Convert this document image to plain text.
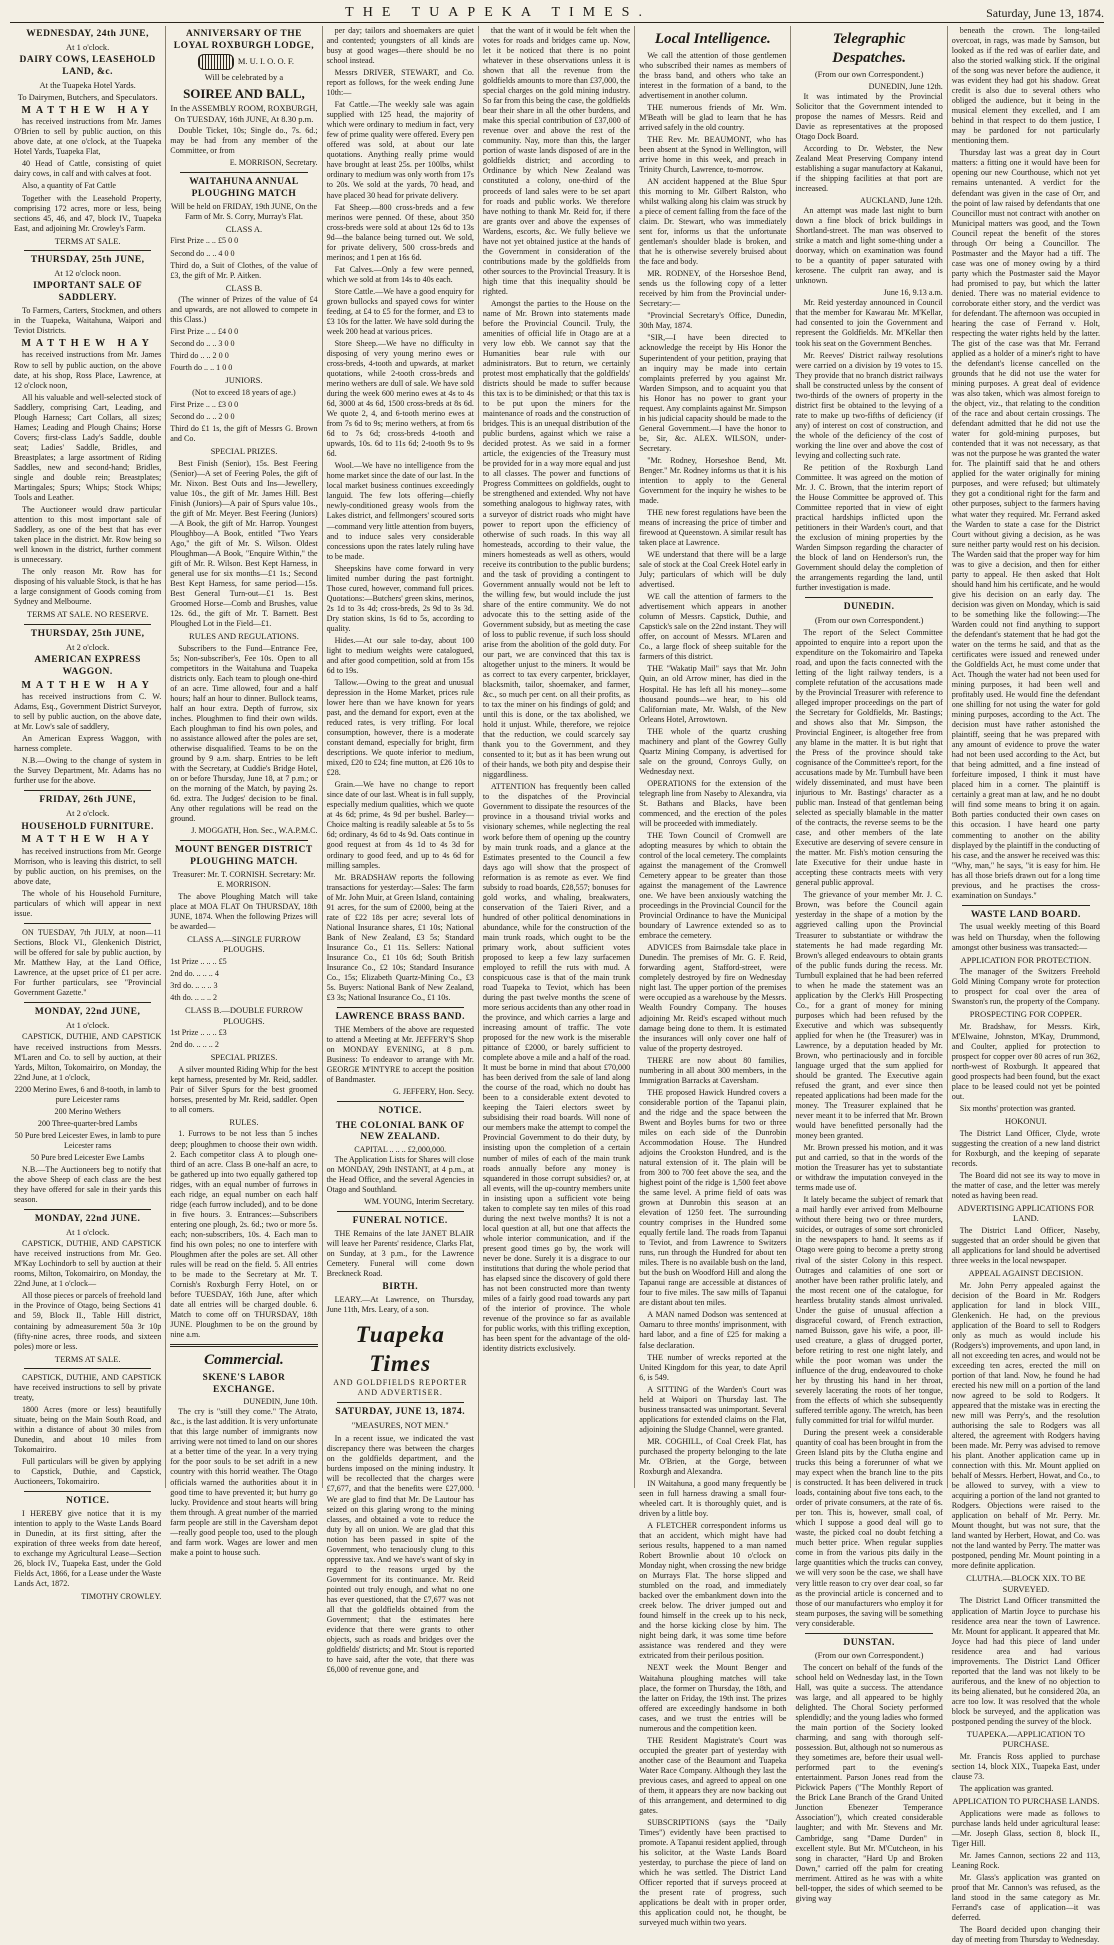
THE TUAPEKA TIMES.	Saturday, June 13, 1874.
WEDNESDAY, 24th JUNE,
At 1 o'clock.
DAIRY COWS, LEASEHOLD LAND, &c.
At the Tuapeka Hotel Yards.
To Dairymen, Butchers, and Speculators.
MATTHEW HAY

has received instructions from Mr. James O'Brien to sell by public auction, on this above date, at one o'clock, at the Tuapeka Hotel Yards, Tuapeka Flat,

40 Head of Cattle, consisting of quiet dairy cows, in calf and with calves at foot.

Also, a quantity of Fat Cattle

Together with the Leasehold Property, comprising 172 acres, more or less, being sections 45, 46, and 47, block IV., Tuapeka East, and adjoining Mr. Crowley's Farm.

TERMS AT SALE.
THURSDAY, 25th JUNE,
At 12 o'clock noon.
IMPORTANT SALE OF SADDLERY.

To Farmers, Carters, Stockmen, and others in the Tuapeka, Waitahuna, Waipori and Teviot Districts.

MATTHEW HAY

has received instructions from Mr. James Row to sell by public auction, on the above date, at his shop, Ross Place, Lawrence, at 12 o'clock noon,

All his valuable and well-selected stock of Saddlery, comprising Cart, Leading, and Plough Harness; Cart Collars, all sizes; Hames; Leading and Plough Chains; Horse Covers; first-class Lady's Saddle, double seat; Ladies' Saddle, Bridles, and Breastplates; a large assortment of Riding Saddles, new and second-hand; Bridles, single and double rein; Breastplates; Martingales; Spurs; Whips; Stock Whips; Tools and Leather.

The Auctioneer would draw particular attention to this most important sale of Saddlery, as one of the best that has ever taken place in the district. Mr. Row being so well known in the district, further comment is unnecessary.

The only reason Mr. Row has for disposing of his valuable Stock, is that he has a large consignment of Goods coming from Sydney and Melbourne.

TERMS AT SALE. NO RESERVE.
THURSDAY, 25th JUNE,
At 2 o'clock.
AMERICAN EXPRESS WAGGON.
MATTHEW HAY

has received instructions from C. W. Adams, Esq., Government District Surveyor, to sell by public auction, on the above date, at Mr. Low's sale of saddlery,

An American Express Waggon, with harness complete.

N.B.—Owing to the change of system in the Survey Department, Mr. Adams has no further use for the above.

FRIDAY, 26th JUNE,
At 2 o'clock.
HOUSEHOLD FURNITURE.
MATTHEW HAY

has received instructions from Mr. George Morrison, who is leaving this district, to sell by public auction, on his premises, on the above date,

The whole of his Household Furniture, particulars of which will appear in next issue.

ON TUESDAY, 7th JULY, at noon—11 Sections, Block VI., Glenkenich District, will be offered for sale by public auction, by Mr. Matthew Hay, at the Land Office, Lawrence, at the upset price of £1 per acre. For further particulars, see "Provincial Government Gazette."

MONDAY, 22nd JUNE,
At 1 o'clock.

CAPSTICK, DUTHIE, AND CAPSTICK have received instructions from Messrs. M'Laren and Co. to sell by auction, at their Yards, Milton, Tokomairiro, on Monday, the 22nd June, at 1 o'clock,

2200 Merino Ewes, 6 and 8-tooth, in lamb to pure Leicester rams

200 Merino Wethers

200 Three-quarter-bred Lambs

50 Pure bred Leicester Ewes, in lamb to pure Leicester rams

50 Pure bred Leicester Ewe Lambs

N.B.—The Auctioneers beg to notify that the above Sheep of each class are the best they have offered for sale in their yards this season.

MONDAY, 22nd JUNE.
At 1 o'clock.

CAPSTICK, DUTHIE, AND CAPSTICK have received instructions from Mr. Geo. M'Kay Lochindorb to sell by auction at their rooms, Milton, Tokomairiro, on Monday, the 22nd June, at 1 o'clock—

All those pieces or parcels of freehold land in the Province of Otago, being Sections 41 and 59, Block II., Table Hill district, containing by admeasurement 50a 3r 10p (fifty-nine acres, three roods, and sixteen poles) more or less.

TERMS AT SALE.

CAPSTICK, DUTHIE, AND CAPSTICK have received instructions to sell by private treaty,

1800 Acres (more or less) beautifully situate, being on the Main South Road, and within a distance of about 30 miles from Dunedin, and about 10 miles from Tokomairiro.

Full particulars will be given by applying to Capstick, Duthie, and Capstick, Auctioneers, Tokomairiro.

NOTICE.

I HEREBY give notice that it is my intention to apply to the Waste Lands Board in Dunedin, at its first sitting, after the expiration of three weeks from date hereof, to exchange my Agricultural Lease—Section 26, block IV., Tuapeka East, under the Gold Fields Act, 1866, for a Lease under the Waste Lands Act, 1872.

TIMOTHY CROWLEY.
ANNIVERSARY OF THE LOYAL ROXBURGH LODGE,
M. U. I. O. O. F.
Will be celebrated by a
SOIREE AND BALL,
In the ASSEMBLY ROOM, ROXBURGH, On TUESDAY, 16th JUNE, At 8.30 p.m.

Double Ticket, 10s; Single do., 7s. 6d.; may be had from any member of the Committee, or from

E. MORRISON, Secretary.
WAITAHUNA ANNUAL PLOUGHING MATCH

Will be held on FRIDAY, 19th JUNE, On the Farm of Mr. S. Corry, Murray's Flat.

CLASS A.

First Prize .. .. £5 0 0

Second do .. .. 4 0 0

Third do, a Suit of Clothes, of the value of £3, the gift of Mr. P. Aitken.

CLASS B.

(The winner of Prizes of the value of £4 and upwards, are not allowed to compete in this Class.)

First Prize .. .. £4 0 0

Second do .. .. 3 0 0

Third do .. .. 2 0 0

Fourth do .. .. 1 0 0

JUNIORS.

(Not to exceed 18 years of age.)

First Prize .. .. £3 0 0

Second do .. .. 2 0 0

Third do £1 1s, the gift of Messrs G. Brown and Co.

SPECIAL PRIZES.

Best Finish (Senior), 15s. Best Feering (Senior)—A set of Feering Poles, the gift of Mr. Nixon. Best Outs and Ins—Jewellery, value 10s., the gift of Mr. James Hill. Best Finish (Juniors)—A pair of Spurs value 10s., the gift of Mr. Meyer. Best Feering (Juniors)—A Book, the gift of Mr. Harrop. Youngest Ploughboy—A Book, entitled "Two Years Ago," the gift of Mr. S. Wilson. Oldest Ploughman—A Book, "Enquire Within," the gift of Mr. R. Wilson. Best Kept Harness, in general use for six months—£1 1s.; Second Best Kept Harness, for same period—15s. Best General Turn-out—£1 1s. Best Groomed Horse—Comb and Brushes, value 12s. 6d., the gift of Mr. T. Barnett. Best Ploughed Lot in the Field—£1.

RULES AND REGULATIONS.

Subscribers to the Fund—Entrance Fee, 5s; Non-subscriber's, Fee 10s. Open to all competitors in the Waitahuna and Tuapeka districts only. Each team to plough one-third of an acre. Time allowed, four and a half hours; half an hour to dinner. Bullock teams, half an hour extra. Depth of furrow, six inches. Ploughmen to find their own wilds. Each ploughman to find his own poles, and no assistance allowed after the poles are set, otherwise disqualified. Teams to be on the ground by 9 a.m. sharp. Entries to be left with the Secretary, at Cuddie's Bridge Hotel, on or before Thursday, June 18, at 7 p.m.; or on the morning of the Match, by paying 2s. 6d. extra. The Judges' decision to be final. Any other regulations will be read on the ground.

J. MOGGATH, Hon. Sec., W.A.P.M.C.
MOUNT BENGER DISTRICT PLOUGHING MATCH.

Treasurer: Mr. T. CORNISH. Secretary: Mr. E. MORRISON.

The above Ploughing Match will take place at MOA FLAT On THURSDAY, 18th JUNE, 1874. When the following Prizes will be awarded—

CLASS A.—SINGLE FURROW PLOUGHS.

1st Prize .. .. .. £5

2nd do. .. .. .. 4

3rd do. .. .. .. 3

4th do. .. .. .. 2

CLASS B.—DOUBLE FURROW PLOUGHS.

1st Prize .. .. .. £3

2nd do. .. .. .. 2

SPECIAL PRIZES.

A silver mounted Riding Whip for the best kept harness, presented by Mr. Reid, saddler. Pair of Silver Spurs for the best groomed horses, presented by Mr. Reid, saddler. Open to all comers.

RULES.

1. Furrows to be not less than 5 inches deep; ploughmen to choose their own width. 2. Each competitor class A to plough one-third of an acre. Class B one-half an acre, to be gathered up into two equally gathered top ridges, with an equal number of furrows in each ridge, an equal number on each half ridge (each furrow included), and to be done in five hours. 3. Entrances:—Subscribers entering one plough, 2s. 6d.; two or more 5s. each; non-subscribers, 10s. 4. Each man to find his own poles; no one to interfere with Ploughmen after the poles are set. All other rules will be read on the field. 5. All entries to be made to the Secretary at Mr. T. Cornish's Roxburgh Ferry Hotel, on or before TUESDAY, 16th June, after which date all entries will be charged double. 6. Match to come off on THURSDAY, 18th JUNE. Ploughmen to be on the ground by nine a.m.

Commercial.
SKENE'S LABOR EXCHANGE.
DUNEDIN, June 10th.

The cry is "still they come." The Atrato, &c., is the last addition. It is very unfortunate that this large number of immigrants now arriving were not timed to land on our shores at a better time of the year. In a very trying for the poor souls to be set adrift in a new country with this horrid weather. The Otago officials warned the authorities about it in good time to have prevented it; but hurry go lucky. Providence and stout hearts will bring them through. A great number of the married farm people are still in the Caversham depot—really good people too, used to the plough and farm work. Wages are lower and men make a point to house such.

per day; tailors and shoemakers are quiet and contented; youngsters of all kinds are busy at good wages—there should be no school instead.

Messrs DRIVER, STEWART, and Co. report as follows, for the week ending June 10th:—

Fat Cattle.—The weekly sale was again supplied with 125 head, the majority of which were ordinary to medium in fact, very few of prime quality were offered. Every pen offered was sold, at about our late quotations. Anything really prime would have brought at least 25s. per 100lbs, whilst ordinary to medium was only worth from 17s to 20s. We sold at the yards, 70 head, and have placed 30 head for private delivery.

Fat Sheep.—800 cross-breds and a few merinos were penned. Of these, about 350 cross-breds were sold at about 12s 6d to 13s 9d—the balance being turned out. We sold, for private delivery, 500 cross-breds and merinos; and 1 pen at 16s 6d.

Fat Calves.—Only a few were penned, which we sold at from 14s to 40s each.

Store Cattle.—We have a good enquiry for grown bullocks and spayed cows for winter feeding, at £4 to £5 for the former, and £3 to £3 10s for the latter. We have sold during the week 200 head at various prices.

Store Sheep.—We have no difficulty in disposing of very young merino ewes or cross-breds, 4-tooth and upwards, at market quotations, while 2-tooth cross-breds and merino wethers are dull of sale. We have sold during the week 600 merino ewes at 4s to 4s 6d, 3000 at 4s 6d, 1500 cross-breds at 8s 6d. We quote 2, 4, and 6-tooth merino ewes at from 7s 6d to 9s; merino wethers, at from 6s 6d to 7s 6d; cross-breds 4-tooth and upwards, 10s. 6d to 11s 6d; 2-tooth 9s to 9s 6d.

Wool.—We have no intelligence from the home market since the date of our last. In the local market business continues exceedingly languid. The few lots offering—chiefly newly-conditioned greasy wools from the Lakes district, and fellmongers' scoured sorts—command very little attention from buyers, and to induce sales very considerable concessions upon the rates lately ruling have to be made.

Sheepskins have come forward in very limited number during the past fortnight. Those cured, however, command full prices. Quotations:—Butchers' green skins, merinos, 2s 1d to 3s 4d; cross-breds, 2s 9d to 3s 3d. Dry station skins, 1s 6d to 5s, according to quality.

Hides.—At our sale to-day, about 100 light to medium weights were catalogued, and after good competition, sold at from 15s 6d to 19s.

Tallow.—Owing to the great and unusual depression in the Home Market, prices rule lower here than we have known for years past, and the demand for export, even at the reduced rates, is very trifling. For local consumption, however, there is a moderate constant demand, especially for bright, firm descriptions. We quote inferior to medium, mixed, £20 to £24; fine mutton, at £26 10s to £28.

Grain.—We have no change to report since date of our last. Wheat is in full supply, especially medium qualities, which we quote at 4s 6d; prime, 4s 9d per bushel. Barley—Choice malting is readily saleable at 5s to 5s 6d; ordinary, 4s 6d to 4s 9d. Oats continue in good request at from 4s 1d to 4s 3d for ordinary to good feed, and up to 4s 6d for milling samples.

Mr. BRADSHAW reports the following transactions for yesterday:—Sales: The farm of Mr. John Muir, at Green Island, containing 91 acres, for the sum of £2000, being at the rate of £22 18s per acre; several lots of National Insurance shares, £1 10s; National Bank of New Zealand, £3 5s; Standard Insurance Co., £1 11s. Sellers: National Insurance Co., £1 10s 6d; South British Insurance Co., £2 10s; Standard Insurance Co., 15s; Elizabeth Quartz-Mining Co., £3 5s. Buyers: National Bank of New Zealand, £3 3s; National Insurance Co., £1 10s.

LAWRENCE BRASS BAND.

THE Members of the above are requested to attend a Meeting at Mr. JEFFERY'S Shop on MONDAY EVENING, at 8 p.m. Business: To endeavor to arrange with Mr. GEORGE M'INTYRE to accept the position of Bandmaster.

G. JEFFERY, Hon. Secy.
NOTICE.
THE COLONIAL BANK OF NEW ZEALAND.
CAPITAL .. .. .. £2,000,000.

The Application Lists for Shares will close on MONDAY, 29th INSTANT, at 4 p.m., at the Head Office, and the several Agencies in Otago and Southland.

WM. YOUNG, Interim Secretary.
FUNERAL NOTICE.

THE Remains of the late JANET BLAIR will leave her Parents' residence, Clarks Flat, on Sunday, at 3 p.m., for the Lawrence Cemetery. Funeral will come down Breckneck Road.

BIRTH.

LEARY.—At Lawrence, on Thursday, June 11th, Mrs. Leary, of a son.

Tuapeka Times
AND GOLDFIELDS REPORTER AND ADVERTISER.
SATURDAY, JUNE 13, 1874.
"MEASURES, NOT MEN."

In a recent issue, we indicated the vast discrepancy there was between the charges on the goldfields department, and the burdens imposed on the mining industry. It will be recollected that the charges were £7,677, and that the benefits were £27,000. We are glad to find that Mr. De Lautour has seized on this glaring wrong to the mining classes, and obtained a vote to reduce the duty by all on union. We are glad that this notion has been passed in spite of the Government, who tenaciously clung to this oppressive tax. And we have's want of sky in regard to the reasons urged by the Government for its continuance. Mr. Reid pointed out truly enough, and what no one has ever questioned, that the £7,677 was not all that the goldfields obtained from the Government; that the estimates here evidence that there were grants to other objects, such as roads and bridges over the goldfields' districts; and Mr. Stout is reported to have said, after the vote, that there was £6,000 of revenue gone, and

that the want of it would be felt when the votes for roads and bridges came up. Now, let it be noticed that there is no point whatever in these observations unless it is shown that all the revenue from the goldfields amounts to more than £37,000, the special charges on the gold mining industry. So far from this being the case, the goldfields bear their share in all the other burdens, and make this special contribution of £37,000 of revenue over and above the rest of the community. Nay, more than this, the larger portion of waste lands disposed of are in the goldfields district; and according to Ordinance by which New Zealand was constituted a colony, one-third of the proceeds of land sales were to be set apart for roads and public works. We therefore have nothing to thank Mr. Reid for, if there are grants over and above the expenses of Wardens, escorts, &c. We fully believe we have not yet obtained justice at the hands of the Government in consideration of the contributions made by the goldfields from other sources to the Provincial Treasury. It is high time that this inequality should be righted.

Amongst the parties to the House on the name of Mr. Brown into statements made before the Provincial Council. Truly, the amenities of official life in Otago are at a very low ebb. We cannot say that the Humanities bear rule with our administrators. But to return, we certainly protest most emphatically that the goldfields' districts should be made to suffer because this tax is to be diminished; or that this tax is to be put upon the miners for the maintenance of roads and the construction of bridges. This is an unequal distribution of the public burdens, against which we raise a decided protest. As we said in a former article, the exigencies of the Treasury must be provided for in a way more equal and just to all classes. The power and functions of Progress Committees on goldfields, ought to be strengthened and extended. Why not have something analogous to highway rates, with a surveyor of district roads who might have power to report upon the efficiency of otherwise of such roads. In this way all homesteads, according to their value, the miners homesteads as well as others, would receive its contribution to the public burdens; and the task of providing a contingent to Government annually would not be left to the willing few, but would include the just share of the entire community. We do not advocate this to the setting aside of the Government subsidy, but as meeting the case of loss to public revenue, if such loss should arise from the abolition of the gold duty. For our part, we are convinced that this tax is altogether unjust to the miners. It would be as correct to tax every carpenter, bricklayer, blacksmith, tailor, shoemaker, and farmer, &c., so much per cent. on all their profits, as to tax the miner on his findings of gold; and until this is done, or the tax abolished, we hold it unjust. While, therefore, we rejoice that the reduction, we could scarcely say thank you to the Government, and they consented to it; but as it has been wrung out of their hands, we both pity and despise their niggardliness.

ATTENTION has frequently been called to the dispatches of the Provincial Government to dissipate the resources of the province in a thousand trivial works and visionary schemes, while neglecting the real work before them of opening up the country by main trunk roads, and a glance at the Estimates presented to the Council a few days ago will show that the prospect of reformation is as remote as ever. We find subsidy to road boards, £28,557; bonuses for gold works, and whaling, breakwaters, conservation of the Taieri River, and a hundred of other political denominations in abundance, while for the construction of the main trunk roads, which ought to be the primary work, about sufficient votes proposed to keep a few lazy surfacemen employed to refill the ruts with mud. A conspicuous case is that of the main trunk road Tuapeka to Teviot, which has been during the past twelve months the scene of more serious accidents than any other road in the province, and which carries a large and increasing amount of traffic. The vote proposed for the new work is the miserable pittance of £2000, or barely sufficient to complete above a mile and a half of the road. It must be borne in mind that about £70,000 has been derived from the sale of land along the course of the road, which no doubt has been to a considerable extent devoted to keeping the Taieri electors sweet by subsidising their road boards. Will none of our members make the attempt to compel the Provincial Government to do their duty, by insisting upon the completion of a certain number of miles of each of the main trunk roads annually before any money is squandered in those corrupt subsidies? or, at all events, will the up-country members unite in insisting upon a sufficient vote being taken to complete say ten miles of this road during the next twelve months? It is not a local question at all, but one that affects the whole interior communication, and if the present good times go by, the work will never be done. Surely it is a disgrace to our institutions that during the whole period that has elapsed since the discovery of gold there has not been constructed more than twenty miles of a fairly good road towards any part of the interior of province. The whole revenue of the province so far as available for public works, with this trifling exception, has been spent for the advantage of the old-identity districts exclusively.

Local Intelligence.

We call the attention of those gentlemen who subscribed their names as members of the brass band, and others who take an interest in the formation of a band, to the advertisement in another column.

THE numerous friends of Mr. Wm. M'Beath will be glad to learn that he has arrived safely in the old country.

THE Rev. Mr. BEAUMONT, who has been absent at the Synod in Wellington, will arrive home in this week, and preach in Trinity Church, Lawrence, to-morrow.

AN accident happened at the Blue Spur this morning to Mr. Gilbert Ralston, who whilst walking along his claim was struck by a piece of cement falling from the face of the claim. Dr. Stewart, who was immediately sent for, informs us that the unfortunate gentleman's shoulder blade is broken, and that he is otherwise severely bruised about the face and body.

MR. RODNEY, of the Horseshoe Bend, sends us the following copy of a letter received by him from the Provincial under-Secretary:—

"Provincial Secretary's Office, Dunedin, 30th May, 1874.

"SIR,—I have been directed to acknowledge the receipt by His Honor the Superintendent of your petition, praying that an inquiry may be made into certain complaints preferred by you against Mr. Warden Simpson, and to acquaint you that his Honor has no power to grant your request. Any complaints against Mr. Simpson in his judicial capacity should be made to the General Government.—I have the honor to be, Sir, &c. ALEX. WILSON, under-Secretary.

"Mr. Rodney, Horseshoe Bend, Mt. Benger." Mr. Rodney informs us that it is his intention to apply to the General Government for the inquiry he wishes to be made.

THE new forest regulations have been the means of increasing the price of timber and firewood at Queenstown. A similar result has taken place at Lawrence.

WE understand that there will be a large sale of stock at the Coal Creek Hotel early in July; particulars of which will be duly advertised.

WE call the attention of farmers to the advertisement which appears in another column of Messrs. Capstick, Duthie, and Capstick's sale on the 22nd instant. They will offer, on account of Messrs. M'Laren and Co., a large flock of sheep suitable for the farmers of this district.

THE "Wakatip Mail" says that Mr. John Quin, an old Arrow miner, has died in the Hospital. He has left all his money—some thousand pounds—we hear, to his old Californian mate, Mr. Walsh, of the New Orleans Hotel, Arrowtown.

THE whole of the quartz crushing machinery and plant of the Gowrey Gully Quartz Mining Company, is advertised for sale on the ground, Conroys Gully, on Wednesday next.

OPERATIONS for the extension of the telegraph line from Naseby to Alexandra, via St. Bathans and Blacks, have been commenced, and the erection of the poles will be proceeded with immediately.

THE Town Council of Cromwell are adopting measures by which to obtain the control of the local cemetery. The complaints against the management of the Cromwell Cemetery appear to be greater than those against the management of the Lawrence one. We have been anxiously watching the proceedings in the Provincial Council for the Provincial Ordinance to have the Municipal boundary of Lawrence extended so as to embrace the cemetery.

ADVICES from Bairnsdale take place in Dunedin. The premises of Mr. G. F. Reid, forwarding agent, Stafford-street, were completely destroyed by fire on Wednesday night last. The upper portion of the premises were occupied as a warehouse by the Messrs. Wealth Foundry Company. The houses adjoining Mr. Reid's escaped without much damage being done to them. It is estimated the insurances will only cover one half of value of the property destroyed.

THERE are now about 80 families, numbering in all about 300 members, in the Immigration Barracks at Caversham.

THE proposed Hawick Hundred covers a considerable portion of the Tapanui plain, and the ridge and the space between the Bwent and Boyles burns for two or three miles on each side of the Dunrobin Accommodation House. The Hundred adjoins the Crookston Hundred, and is the natural extension of it. The plain will be from 300 to 700 feet above the sea, and the highest point of the ridge is 1,500 feet above the same level. A prime field of oats was grown at Dunrobin this season at an elevation of 1250 feet. The surrounding country comprises in the Hundred some equally fertile land. The roads from Tapanui to Teviot, and from Lawrence to Switzers runs, run through the Hundred for about ten miles. There is no available bush on the land, but the bush on Woodford Hill and along the Tapanui range are accessible at distances of four to five miles. The saw mills of Tapanui are distant about ten miles.

A MAN named Dodson was sentenced at Oamaru to three months' imprisonment, with hard labor, and a fine of £25 for making a false declaration.

THE number of wrecks reported at the United Kingdom for this year, to date April 6, is 549.

A SITTING of the Warden's Court was held at Waipori on Thursday last. The business transacted was unimportant. Several applications for extended claims on the Flat, adjoining the Sludge Channel, were granted.

MR. COGHILL, of Coal Creek Flat, has purchased the property belonging to the late Mr. O'Brien, at the Gorge, between Roxburgh and Alexandra.

IN Waitahuna, a good many frequently be seen in full harness drawing a small four-wheeled cart. It is thoroughly quiet, and is driven by a little boy.

A FLETCHER correspondent informs us that an accident, which might have had serious results, happened to a man named Robert Brownlie about 10 o'clock on Monday night, when crossing the new bridge on Murrays Flat. The horse slipped and stumbled on the road, and immediately backed over the embankment down into the creek below. The driver jumped out and found himself in the creek up to his neck, and the horse kicking close by him. The night being dark, it was some time before assistance was rendered and they were extricated from their perilous position.

NEXT week the Mount Benger and Waitahuna ploughing matches will take place, the former on Thursday, the 18th, and the latter on Friday, the 19th inst. The prizes offered are exceedingly handsome in both cases, and we trust the entries will be numerous and the competition keen.

THE Resident Magistrate's Court was occupied the greater part of yesterday with another case of the Beaumont and Tuapeka Water Race Company. Although they last the previous cases, and agreed to appeal on one of them, it appears they are now backing out of this arrangement, and determined to dig gates.

SUBSCRIPTIONS (says the "Daily Times") evidently have been practised to promote. A Tapanui resident applied, through his solicitor, at the Waste Lands Board yesterday, to purchase the piece of land on which he was settled. The District Land Officer reported that if surveys proceed at the present rate of progress, such applications be dealt with in proper order, this application could not, he thought, be surveyed much within two years.

Telegraphic Despatches.
(From our own Correspondent.)
DUNEDIN, June 12th.

It was intimated by the Provincial Solicitor that the Government intended to propose the names of Messrs. Reid and Davie as representatives at the proposed Otago Dock Board.

According to Dr. Webster, the New Zealand Meat Preserving Company intend establishing a sugar manufactory at Kakanui, if the shipping facilities at that port are increased.

AUCKLAND, June 12th.

An attempt was made last night to burn down a fine block of brick buildings in Shortland-street. The man was observed to strike a match and light some-thing under a doorway, which on examination was found to be a quantity of paper saturated with kerosene. The culprit ran away, and is unknown.

June 16, 9.13 a.m.

Mr. Reid yesterday announced in Council that the member for Kawarau Mr. M'Kellar, had consented to join the Government and represent the Goldfields. Mr. M'Kellar then took his seat on the Government Benches.

Mr. Reeves' District railway resolutions were carried on a division by 19 votes to 15. They provide that no branch district railways shall be constructed unless by the consent of two-thirds of the owners of property in the district first be obtained to the levying of a rate to make up two-fifths of deficiency (if any) of interest on cost of construction, and the whole of the deficiency of the cost of working the line over and above the cost of levying and collecting such rate.

Re petition of the Roxburgh Land Committee. It was agreed on the motion of Mr. J. C. Brown, that the interim report of the House Committee be approved of. This Committee reported that in view of eight practical hardships inflicted upon the petitioners in their Warden's court, and that the exclusion of mining properties by the Warden Simpson regarding the character of the block of land on Henderson's run, the Government should delay the completion of the arrangements regarding the land, until further investigation is made.

DUNEDIN.
(From our own Correspondent.)

The report of the Select Committee appointed to enquire into a report upon the expenditure on the Tokomairiro and Tapeka road, and upon the facts connected with the letting of the light railway tenders, is a complete refutation of the accusations made by the Provincial Treasurer with reference to alleged improper proceedings on the part of the Secretary for Goldfields, Mr. Bastings; and shows also that Mr. Simpson, the Provincial Engineer, is altogether free from any blame in the matter. It is but right that the Press of the province should take cognisance of the Committee's report, for the accusations made by Mr. Turnbull have been widely disseminated, and must have been injurious to Mr. Bastings' character as a public man. Instead of that gentleman being selected as specially blamable in the matter of the contracts, the reverse seems to be the case, and other members of the late Executive are deserving of severe censure in the matter. Mr. Fish's motion censuring the late Executive for their undue haste in accepting these contracts meets with very general public approval.

The grievance of your member Mr. J. C. Brown, was before the Council again yesterday in the shape of a motion by the aggrieved calling upon the Provincial Treasurer to substantiate or withdraw the statements he had made regarding Mr. Brown's alleged endeavours to obtain grants of the public funds during the recess. Mr. Turnbull explained that he had been referred to when he made the statement was an application by the Clerk's Hill Prospecting Co., for a grant of money for mining purposes which had been refused by the Executive and which was subsequently applied for when he (the Treasurer) was in Lawrence, by a deputation headed by Mr. Brown, who pertinaciously and in forcible language urged that the sum applied for should be granted. The Executive again refused the grant, and ever since then repeated applications had been made for the money. The Treasurer explained that he never meant it to be inferred that Mr. Brown would have benefitted personally had the money been granted.

Mr. Brown pressed his motion, and it was put and carried, so that in the words of the motion the Treasurer has yet to substantiate or withdraw the imputation conveyed in the terms made use of.

It lately became the subject of remark that a mail hardly ever arrived from Melbourne without there being two or three murders, suicides, or outrages of some sort chronicled in the newspapers to hand. It seems as if Otago were going to become a pretty strong rival of the sister Colony in this respect. Outrages and calamities of one sort or another have been rather prolific lately, and the most recent one of the catalogue, for heartless brutality stands almost unrivaled. Under the guise of unusual affection a disgraceful coward, of French extraction, named Buisson, gave his wife, a poor, ill-used creature, a glass of drugged porter, before retiring to rest one night lately, and while the poor woman was under the influence of the drug, endeavoured to choke her by thrusting his hand in her throat, severely lacerating the roots of her tongue, from the effects of which she subsequently suffered terrible agony. The wretch, has been fully committed for trial for wilful murder.

During the present week a considerable quantity of coal has been brought in from the Green Island pits by the Clutha engine and trucks this being a forerunner of what we may expect when the branch line to the pits is constructed. It has been delivered in truck loads, containing about five tons each, to the order of private consumers, at the rate of 6s. per ton. This is, however, small coal, of which I suppose a good deal will go to waste, the picked coal no doubt fetching a much better price. When regular supplies come in from the various pits daily in the large quantities which the trucks can convey, we will very soon be the case, we shall have very little reason to cry over dear coal, so far as the provincial article is concerned and to those of our manufacturers who employ it for steam purposes, the saving will be something very considerable.

DUNSTAN.
(From our own Correspondent.)

The concert on behalf of the funds of the school held on Wednesday last, in the Town Hall, was quite a success. The attendance was large, and all appeared to be highly delighted. The Choral Society performed splendidly; and the young ladies who formed the main portion of the Society looked charming, and sang with thorough self-possession. But, although not so numerous as they sometimes are, before their usual well-performed part to the evening's entertainment. Parson Jones read from the Pickwick Papers ("The Monthly Report of the Brick Lane Branch of the Grand United Junction Ebenezer Temperance Association"), which created considerable laughter; and with Mr. Stevens and Mr. Cambridge, sang "Dame Durden" in excellent style. But Mr. M'Cutcheon, in his song in character, "Hard Up and Broken Down," carried off the palm for creating merriment. Attired as he was with a white bell-topper, the sides of which seemed to be giving way

beneath the crown. The long-tailed overcoat, in rags, was made by Samson, but looked as if the red was of earlier date, and also the storied walking stick. If the original of the song was never before the audience, it was evident they had got his shadow. Great credit is also due to several others who obliged the audience, but it being in the musical element they excelled, and I am behind in that respect to do them justice, I may be pardoned for not particularly mentioning them.

Thursday last was a great day in Court matters: a fitting one it would have been for opening our new Courthouse, which not yet remains untenanted. A verdict for the defendant was given in the case of Orr, and the point of law raised by defendants that one Councillor must not contract with another on Municipal matters was good, and the Town Council repeat the benefit of the stores through Orr being a Councillor. The Postmaster and the Mayor had a tiff. The case was one of money owing by a third party which the Postmaster said the Mayor had promised to pay, but which the latter denied. There was no material evidence to corroborate either story, and the verdict was for defendant. The afternoon was occupied in hearing the case of Ferrand v. Holt, respecting the water rights held by the latter. The gist of the case was that Mr. Ferrand applied as a holder of a miner's right to have the defendant's license cancelled on the grounds that he did not use the water for mining purposes. A great deal of evidence was also taken, which was almost foreign to the object, viz., that relating to the condition of the race and about certain crossings. The defendant admitted that he did not use the water for gold-mining purposes, but contended that it was not necessary, as that was not the purpose he was granted the water for. The plaintiff said that he and others applied for the water originally for mining purposes, and were refused; but ultimately they got a conditional right for the farm and other purposes, subject to the farmers having what water they required. Mr. Ferrand asked the Warden to state a case for the District Court without giving a decision, as he was sure neither party would rest on his decision. The Warden said that the proper way for him was to give a decision, and then for either party to appeal. He then asked that Holt should hand him his certificate, and he would give his decision on an early day. The decision was given on Monday, which is said to be something like the following:—The Warden could not find anything to support the defendant's statement that he had got the water on the terms he said, and that as the certificates were issued and renewed under the Goldfields Act, he must come under that Act. Though the water had not been used for mining purposes, it had been well and profitably used. He would fine the defendant one shilling for not using the water for gold mining purposes, according to the Act. The decision must have rather astonished the plaintiff, seeing that he was prepared with any amount of evidence to prove the water had not been used according to the Act, but that being admitted, and a fine instead of forfeiture imposed, I think it must have placed him in a corner. The plaintiff is certainly a great man at law, and he no doubt will find some means to bring it on again. Both parties conducted their own cases on this occasion. I have heard one party commenting to another on the ability displayed by the plaintiff in the conducting of his case, and the answer he received was this: "Why, man," he says, "it is easy for him. He has all those briefs drawn out for a long time previous, and he practises the cross-examination on Sundays."

WASTE LAND BOARD.

The usual weekly meeting of this Board was held on Thursday, when the following amongst other business was transacted:—

APPLICATION FOR PROTECTION.

The manager of the Switzers Freehold Gold Mining Company wrote for protection to prospect for coal over the area of Swanston's run, the property of the Company.

PROSPECTING FOR COPPER.

Mr. Bradshaw, for Messrs. Kirk, M'Elwaine, Johnston, M'Kay, Drummond, and Coulter, applied for protection to prospect for copper over 80 acres of run 362, north-west of Roxburgh. It appeared that good prospects had been found, but the exact place to be leased could not yet be pointed out.

Six months' protection was granted.

HOKONUI.

The District Land Officer, Clyde, wrote suggesting the creation of a new land district for Roxburgh, and the keeping of separate records.

The Board did not see its way to move in the matter of case, and the letter was merely noted as having been read.

ADVERTISING APPLICATIONS FOR LAND.

The District Land Officer, Naseby, suggested that an order should be given that all applications for land should be advertised three weeks in the local newspaper.

APPEAL AGAINST DECISION.

Mr. John Perry appealed against the decision of the Board in Mr. Rodgers application for land in block VIII., Glenkenich. He had, on the previous application of the Board to sell to Rodgers only as much as would include his (Rodgers's) improvements, and upon land, in all not exceeding ten acres, and would not be exceeding ten acres, erected the mill on portion of that land. Now, he found he had erected his new mill on a portion of the land now agreed to be sold to Rodgers. It appeared that the mistake was in erecting the new mill was Perry's, and the resolution authorising the sale to Rodgers was all altered, the agreement with Rodgers having been made. Mr. Perry was advised to remove his plant. Another application came up in connection with this. Mr. Mount applied on behalf of Messrs. Herbert, Howat, and Co., to be allowed to survey, with a view to acquiring a portion of the land not granted to Rodgers. Objections were raised to the application on behalf of Mr. Perry. Mr. Mount thought, but was not sure, that the land wanted by Herbert, Howat, and Co. was not the land wanted by Perry. The matter was postponed, pending Mr. Mount pointing in a more definite application.

CLUTHA.—BLOCK XIX. TO BE SURVEYED.

The District Land Officer transmitted the application of Martin Joyce to purchase his residence area near the town of Lawrence. Mr. Mount for applicant. It appeared that Mr. Joyce had had this piece of land under residence area and had various improvements. The District Land Officer reported that the land was not likely to be auriferous, and the knew of no objection to its being alienated, but he considered 20a, an acre too low. It was resolved that the whole block be surveyed, and the application was postponed pending the survey of the block.

TUAPEKA.—APPLICATION TO PURCHASE.

Mr. Francis Ross applied to purchase section 14, block XIX., Tuapeka East, under clause 73.

The application was granted.

APPLICATION TO PURCHASE LANDS.

Applications were made as follows to purchase lands held under agricultural lease:—Mr. Joseph Glass, section 8, block II., Tiger Hill.

Mr. James Cannon, sections 22 and 113, Leaning Rock.

Mr. Glass's application was granted on proof that Mr. Cannon's was refused, as the land stood in the same category as Mr. Ferrand's case of application—it was deferred.

The Board decided upon changing their day of meeting from Thursday to Wednesday.
